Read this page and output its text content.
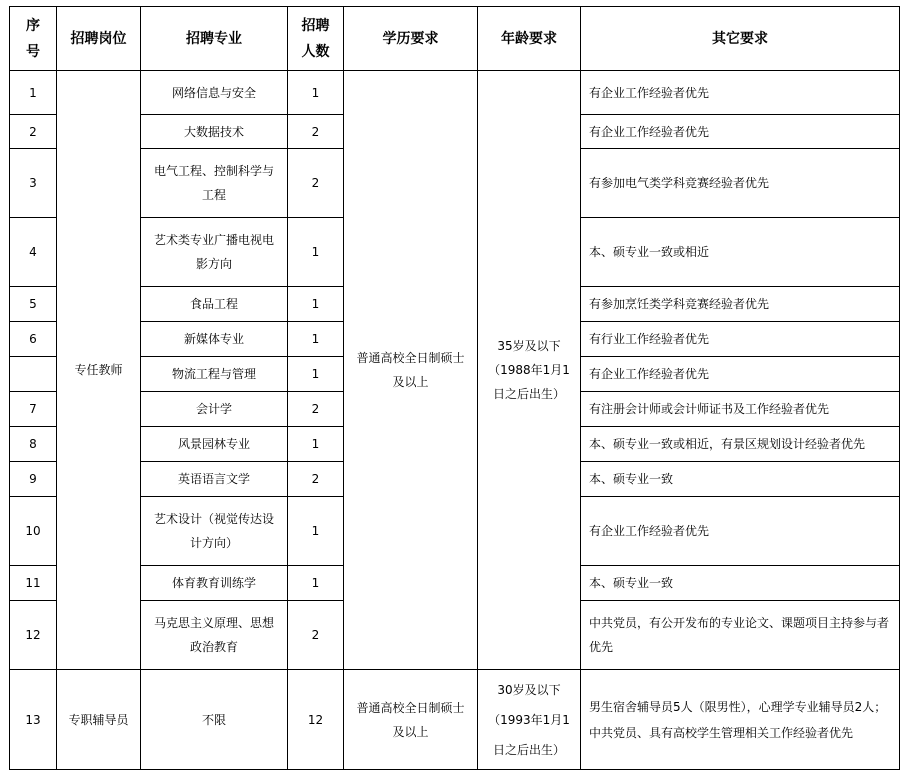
序号	招聘岗位	招聘专业	招聘人数	学历要求	年龄要求	其它要求
1	专任教师	网络信息与安全	1	普通高校全日制硕士及以上	35岁及以下（1988年1月1日之后出生）	有企业工作经验者优先
2		大数据技术	2			有企业工作经验者优先
3		电气工程、控制科学与工程	2			有参加电气类学科竞赛经验者优先
4		艺术类专业广播电视电影方向	1			本、硕专业一致或相近
5		食品工程	1			有参加烹饪类学科竞赛经验者优先
6		新媒体专业	1			有行业工作经验者优先
		物流工程与管理	1			有企业工作经验者优先
7		会计学	2			有注册会计师或会计师证书及工作经验者优先
8		风景园林专业	1			本、硕专业一致或相近，有景区规划设计经验者优先
9		英语语言文学	2			本、硕专业一致
10		艺术设计（视觉传达设计方向）	1			有企业工作经验者优先
11		体育教育训练学	1			本、硕专业一致
12		马克思主义原理、思想政治教育	2			中共党员，有公开发布的专业论文、课题项目主持参与者优先
13	专职辅导员	不限	12	普通高校全日制硕士及以上	30岁及以下（1993年1月1日之后出生）	男生宿舍辅导员5人（限男性），心理学专业辅导员2人；中共党员、具有高校学生管理相关工作经验者优先
